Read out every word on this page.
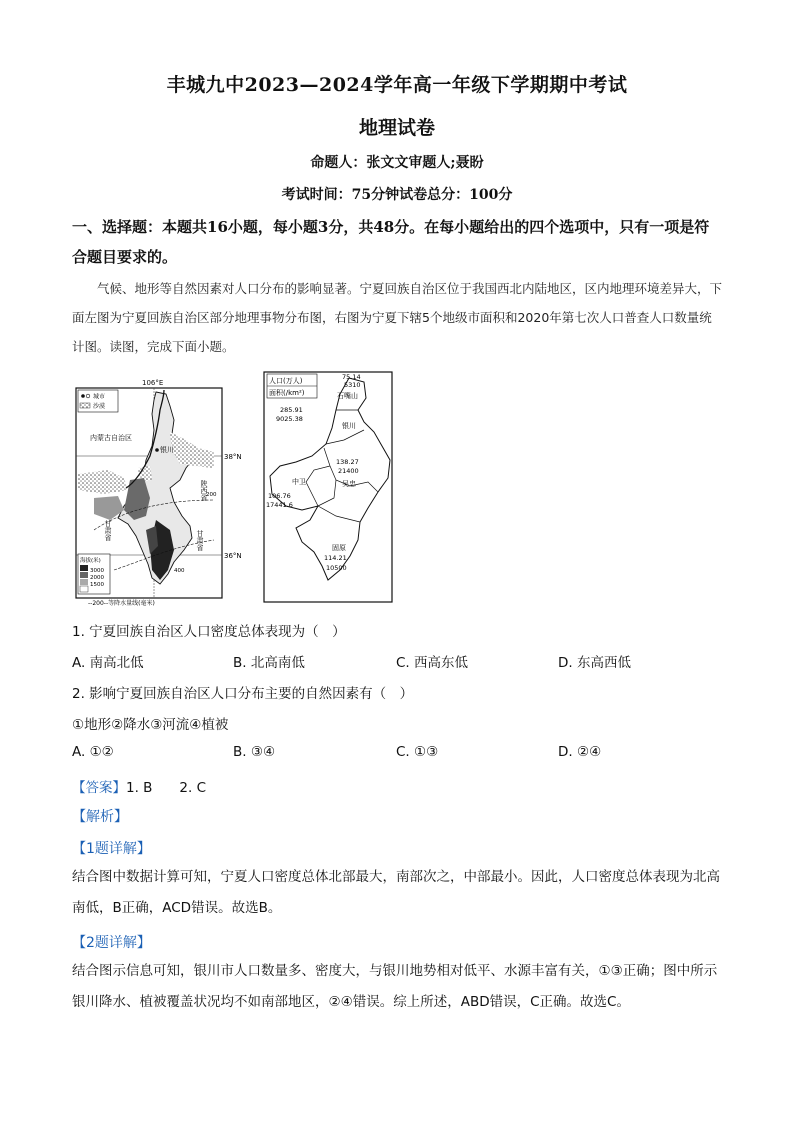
丰城九中2023—2024学年高一年级下学期期中考试
地理试卷
命题人：张文文审题人;聂盼
考试时间：75分钟试卷总分：100分
一、选择题：本题共16小题，每小题3分，共48分。在每小题给出的四个选项中，只有一项是符合题目要求的。
气候、地形等自然因素对人口分布的影响显著。宁夏回族自治区位于我国西北内陆地区，区内地理环境差异大，下面左图为宁夏回族自治区部分地理事物分布图，右图为宁夏下辖5个地级市面积和2020年第七次人口普查人口数量统计图。读图，完成下面小题。
106°E
城市
沙漠
200
400
内蒙古自治区
银川
38°N
36°N
陕西省
甘肃省	甘肃省
海拔(米)
3000
2000
1500
--200--等降水量线(毫米)
人口(万人)
面积(/km²)
75.14
5310
石嘴山
285.91
9025.38
银川
138.27
21400
吴忠
中卫
106.76
17441.6
固原
114.21
10500
1. 宁夏回族自治区人口密度总体表现为（　）
A. 南高北低	B. 北高南低	C. 西高东低	D. 东高西低
2. 影响宁夏回族自治区人口分布主要的自然因素有（　）
①地形②降水③河流④植被
A. ①②	B. ③④	C. ①③	D. ②④
【答案】1. B　　2. C
【解析】
【1题详解】
结合图中数据计算可知，宁夏人口密度总体北部最大，南部次之，中部最小。因此，人口密度总体表现为北高南低，B正确，ACD错误。故选B。
【2题详解】
结合图示信息可知，银川市人口数量多、密度大，与银川地势相对低平、水源丰富有关，①③正确；图中所示银川降水、植被覆盖状况均不如南部地区，②④错误。综上所述，ABD错误，C正确。故选C。
